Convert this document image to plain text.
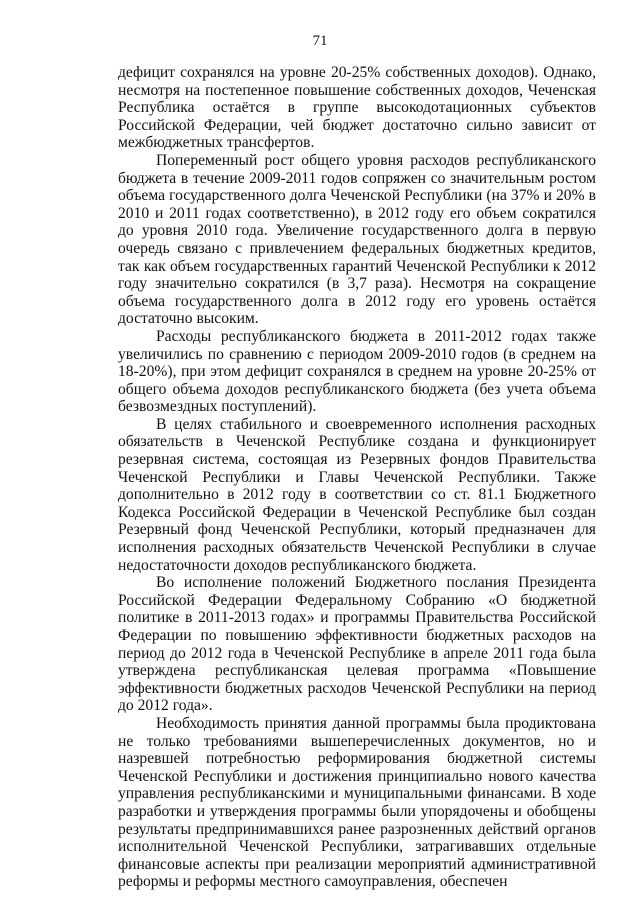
71

дефицит сохранялся на уровне 20-25% собственных доходов). Однако, несмотря на постепенное повышение собственных доходов, Чеченская Республика остаётся в группе высокодотационных субъектов Российской Федерации, чей бюджет достаточно сильно зависит от межбюджетных трансфертов.

Попеременный рост общего уровня расходов республиканского бюджета в течение 2009-2011 годов сопряжен со значительным ростом объема государственного долга Чеченской Республики (на 37% и 20% в 2010 и 2011 годах соответственно), в 2012 году его объем сократился до уровня 2010 года. Увеличение государственного долга в первую очередь связано с привлечением федеральных бюджетных кредитов, так как объем государственных гарантий Чеченской Республики к 2012 году значительно сократился (в 3,7 раза). Несмотря на сокращение объема государственного долга в 2012 году его уровень остаётся достаточно высоким.

Расходы республиканского бюджета в 2011-2012 годах также увеличились по сравнению с периодом 2009-2010 годов (в среднем на 18-20%), при этом дефицит сохранялся в среднем на уровне 20-25% от общего объема доходов республиканского бюджета (без учета объема безвозмездных поступлений).

В целях стабильного и своевременного исполнения расходных обязательств в Чеченской Республике создана и функционирует резервная система, состоящая из Резервных фондов Правительства Чеченской Республики и Главы Чеченской Республики. Также дополнительно в 2012 году в соответствии со ст. 81.1 Бюджетного Кодекса Российской Федерации в Чеченской Республике был создан Резервный фонд Чеченской Республики, который предназначен для исполнения расходных обязательств Чеченской Республики в случае недостаточности доходов республиканского бюджета.

Во исполнение положений Бюджетного послания Президента Российской Федерации Федеральному Собранию «О бюджетной политике в 2011-2013 годах» и программы Правительства Российской Федерации по повышению эффективности бюджетных расходов на период до 2012 года в Чеченской Республике в апреле 2011 года была утверждена республиканская целевая программа «Повышение эффективности бюджетных расходов Чеченской Республики на период до 2012 года».

Необходимость принятия данной программы была продиктована не только требованиями вышеперечисленных документов, но и назревшей потребностью реформирования бюджетной системы Чеченской Республики и достижения принципиально нового качества управления республиканскими и муниципальными финансами. В ходе разработки и утверждения программы были упорядочены и обобщены результаты предпринимавшихся ранее разрозненных действий органов исполнительной Чеченской Республики, затрагивавших отдельные финансовые аспекты при реализации мероприятий административной реформы и реформы местного самоуправления, обеспечен
